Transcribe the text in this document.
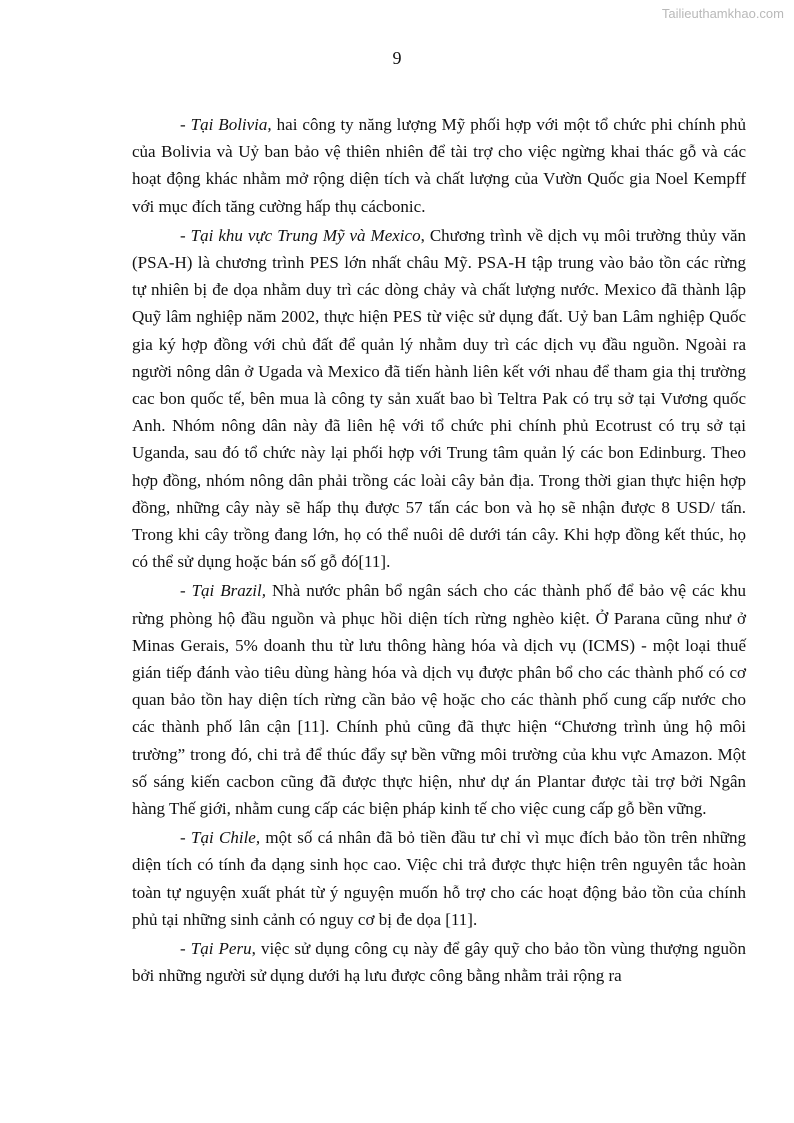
Tailieuthamkhao.com
9

- Tại Bolivia, hai công ty năng lượng Mỹ phối hợp với một tổ chức phi chính phủ của Bolivia và Uỷ ban bảo vệ thiên nhiên để tài trợ cho việc ngừng khai thác gỗ và các hoạt động khác nhằm mở rộng diện tích và chất lượng của Vườn Quốc gia Noel Kempff với mục đích tăng cường hấp thụ cácbonic.

- Tại khu vực Trung Mỹ và Mexico, Chương trình về dịch vụ môi trường thủy văn (PSA-H) là chương trình PES lớn nhất châu Mỹ. PSA-H tập trung vào bảo tồn các rừng tự nhiên bị đe dọa nhằm duy trì các dòng chảy và chất lượng nước. Mexico đã thành lập Quỹ lâm nghiệp năm 2002, thực hiện PES từ việc sử dụng đất. Uỷ ban Lâm nghiệp Quốc gia ký hợp đồng với chủ đất để quản lý nhằm duy trì các dịch vụ đầu nguồn. Ngoài ra người nông dân ở Ugada và Mexico đã tiến hành liên kết với nhau để tham gia thị trường cac bon quốc tế, bên mua là công ty sản xuất bao bì Teltra Pak có trụ sở tại Vương quốc Anh. Nhóm nông dân này đã liên hệ với tổ chức phi chính phủ Ecotrust có trụ sở tại Uganda, sau đó tổ chức này lại phối hợp với Trung tâm quản lý các bon Edinburg. Theo hợp đồng, nhóm nông dân phải trồng các loài cây bản địa. Trong thời gian thực hiện hợp đồng, những cây này sẽ hấp thụ được 57 tấn các bon và họ sẽ nhận được 8 USD/ tấn. Trong khi cây trồng đang lớn, họ có thể nuôi dê dưới tán cây. Khi hợp đồng kết thúc, họ có thể sử dụng hoặc bán số gỗ đó[11].

- Tại Brazil, Nhà nước phân bổ ngân sách cho các thành phố để bảo vệ các khu rừng phòng hộ đầu nguồn và phục hồi diện tích rừng nghèo kiệt. Ở Parana cũng như ở Minas Gerais, 5% doanh thu từ lưu thông hàng hóa và dịch vụ (ICMS) - một loại thuế gián tiếp đánh vào tiêu dùng hàng hóa và dịch vụ được phân bổ cho các thành phố có cơ quan bảo tồn hay diện tích rừng cần bảo vệ hoặc cho các thành phố cung cấp nước cho các thành phố lân cận [11]. Chính phủ cũng đã thực hiện “Chương trình ủng hộ môi trường” trong đó, chi trả để thúc đẩy sự bền vững môi trường của khu vực Amazon. Một số sáng kiến cacbon cũng đã được thực hiện, như dự án Plantar được tài trợ bởi Ngân hàng Thế giới, nhằm cung cấp các biện pháp kinh tế cho việc cung cấp gỗ bền vững.

- Tại Chile, một số cá nhân đã bỏ tiền đầu tư chỉ vì mục đích bảo tồn trên những diện tích có tính đa dạng sinh học cao. Việc chi trả được thực hiện trên nguyên tắc hoàn toàn tự nguyện xuất phát từ ý nguyện muốn hỗ trợ cho các hoạt động bảo tồn của chính phủ tại những sinh cảnh có nguy cơ bị đe dọa [11].

- Tại Peru, việc sử dụng công cụ này để gây quỹ cho bảo tồn vùng thượng nguồn bởi những người sử dụng dưới hạ lưu được công bằng nhằm trải rộng ra
